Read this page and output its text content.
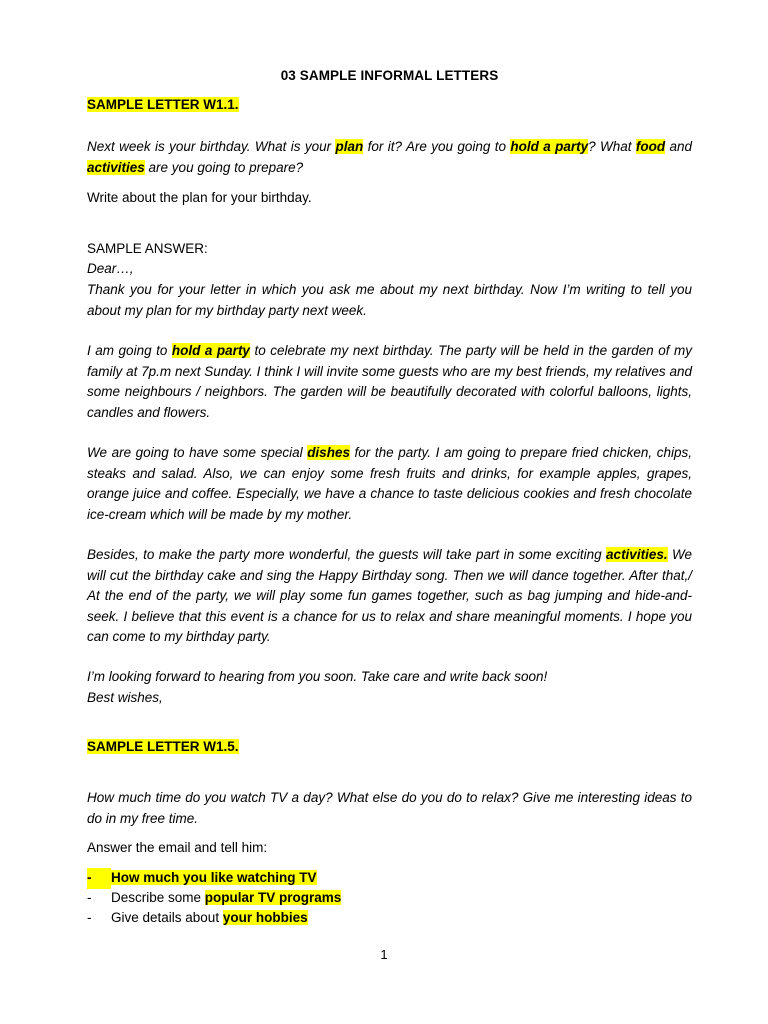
03 SAMPLE INFORMAL LETTERS
SAMPLE LETTER W1.1.
Next week is your birthday. What is your plan for it? Are you going to hold a party? What food and activities are you going to prepare?
Write about the plan for your birthday.
SAMPLE ANSWER:
Dear…,
Thank you for your letter in which you ask me about my next birthday. Now I’m writing to tell you about my plan for my birthday party next week.
I am going to hold a party to celebrate my next birthday. The party will be held in the garden of my family at 7p.m next Sunday. I think I will invite some guests who are my best friends, my relatives and some neighbours / neighbors. The garden will be beautifully decorated with colorful balloons, lights, candles and flowers.
We are going to have some special dishes for the party. I am going to prepare fried chicken, chips, steaks and salad. Also, we can enjoy some fresh fruits and drinks, for example apples, grapes, orange juice and coffee. Especially, we have a chance to taste delicious cookies and fresh chocolate ice-cream which will be made by my mother.
Besides, to make the party more wonderful, the guests will take part in some exciting activities. We will cut the birthday cake and sing the Happy Birthday song. Then we will dance together. After that,/ At the end of the party, we will play some fun games together, such as bag jumping and hide-and-seek. I believe that this event is a chance for us to relax and share meaningful moments. I hope you can come to my birthday party.
I’m looking forward to hearing from you soon. Take care and write back soon!
Best wishes,
SAMPLE LETTER W1.5.
How much time do you watch TV a day? What else do you do to relax? Give me interesting ideas to do in my free time.
Answer the email and tell him:
- How much you like watching TV
- Describe some popular TV programs
- Give details about your hobbies
1
